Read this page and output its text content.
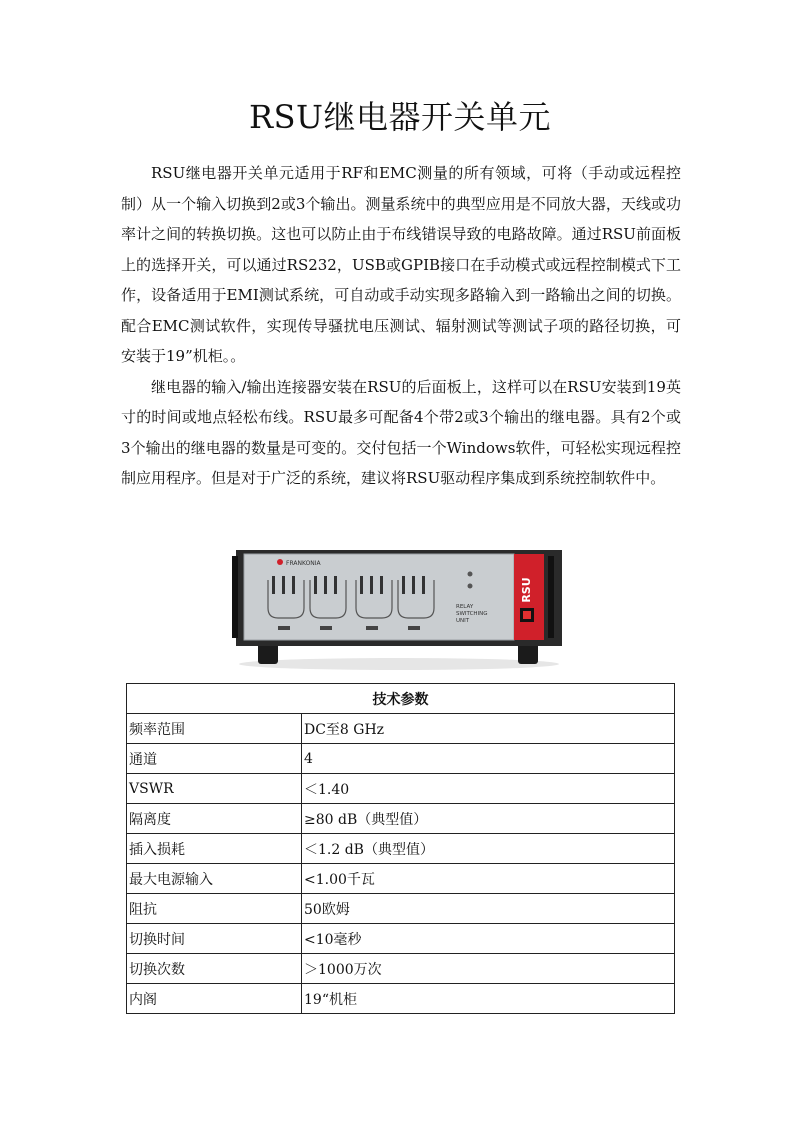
RSU继电器开关单元

RSU继电器开关单元适用于RF和EMC测量的所有领域，可将（手动或远程控制）从一个输入切换到2或3个输出。测量系统中的典型应用是不同放大器，天线或功率计之间的转换切换。这也可以防止由于布线错误导致的电路故障。通过RSU前面板上的选择开关，可以通过RS232，USB或GPIB接口在手动模式或远程控制模式下工作，设备适用于EMI测试系统，可自动或手动实现多路输入到一路输出之间的切换。配合EMC测试软件，实现传导骚扰电压测试、辐射测试等测试子项的路径切换，可安装于19”机柜。。

继电器的输入/输出连接器安装在RSU的后面板上，这样可以在RSU安装到19英寸的时间或地点轻松布线。RSU最多可配备4个带2或3个输出的继电器。具有2个或3个输出的继电器的数量是可变的。交付包括一个Windows软件，可轻松实现远程控制应用程序。但是对于广泛的系统，建议将RSU驱动程序集成到系统控制软件中。

RSU
FRANKONIA
RELAY
SWITCHING
UNIT
技术参数	
频率范围	DC至8 GHz
通道	4
VSWR	＜1.40
隔离度	≥80 dB（典型值）
插入损耗	＜1.2 dB（典型值）
最大电源输入	<1.00千瓦
阻抗	50欧姆
切换时间	<10毫秒
切换次数	＞1000万次
内阁	19“机柜
